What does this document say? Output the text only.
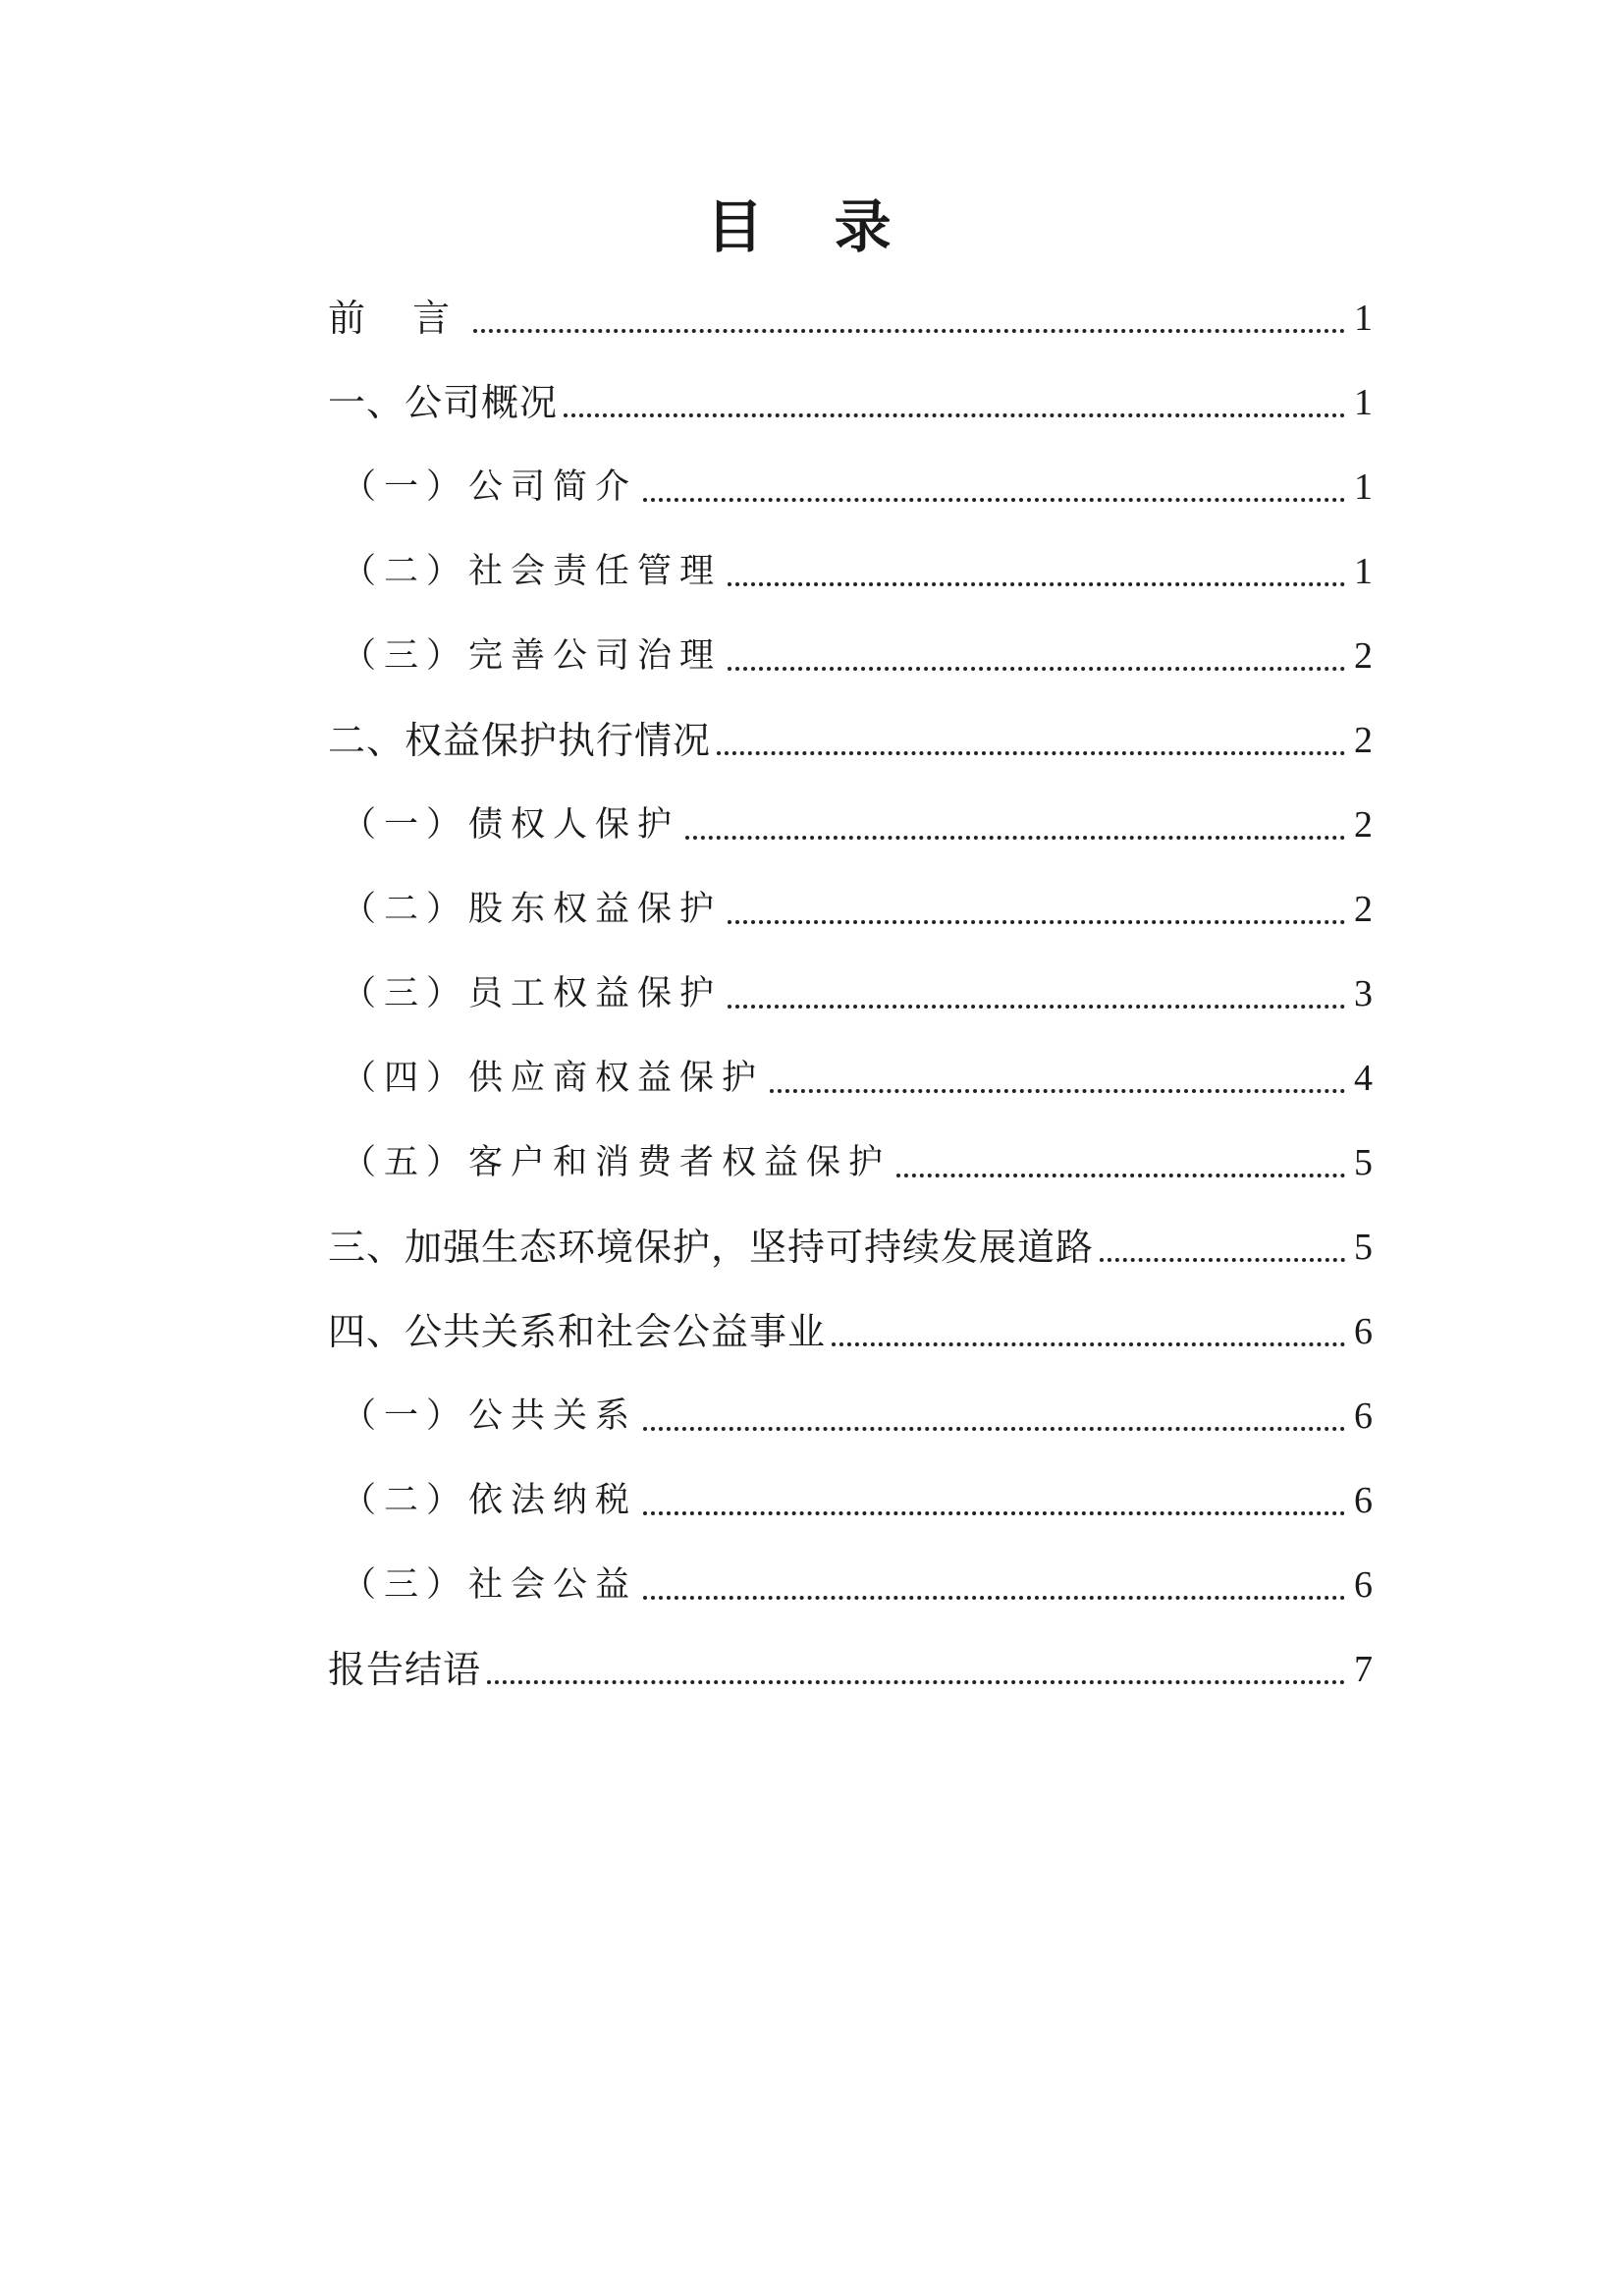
目 录
前 言	1
一、公司概况	1
（一）公司简介	1
（二）社会责任管理	1
（三）完善公司治理	2
二、权益保护执行情况	2
（一）债权人保护	2
（二）股东权益保护	2
（三）员工权益保护	3
（四）供应商权益保护	4
（五）客户和消费者权益保护	5
三、加强生态环境保护，坚持可持续发展道路	5
四、公共关系和社会公益事业	6
（一）公共关系	6
（二）依法纳税	6
（三）社会公益	6
报告结语	7
